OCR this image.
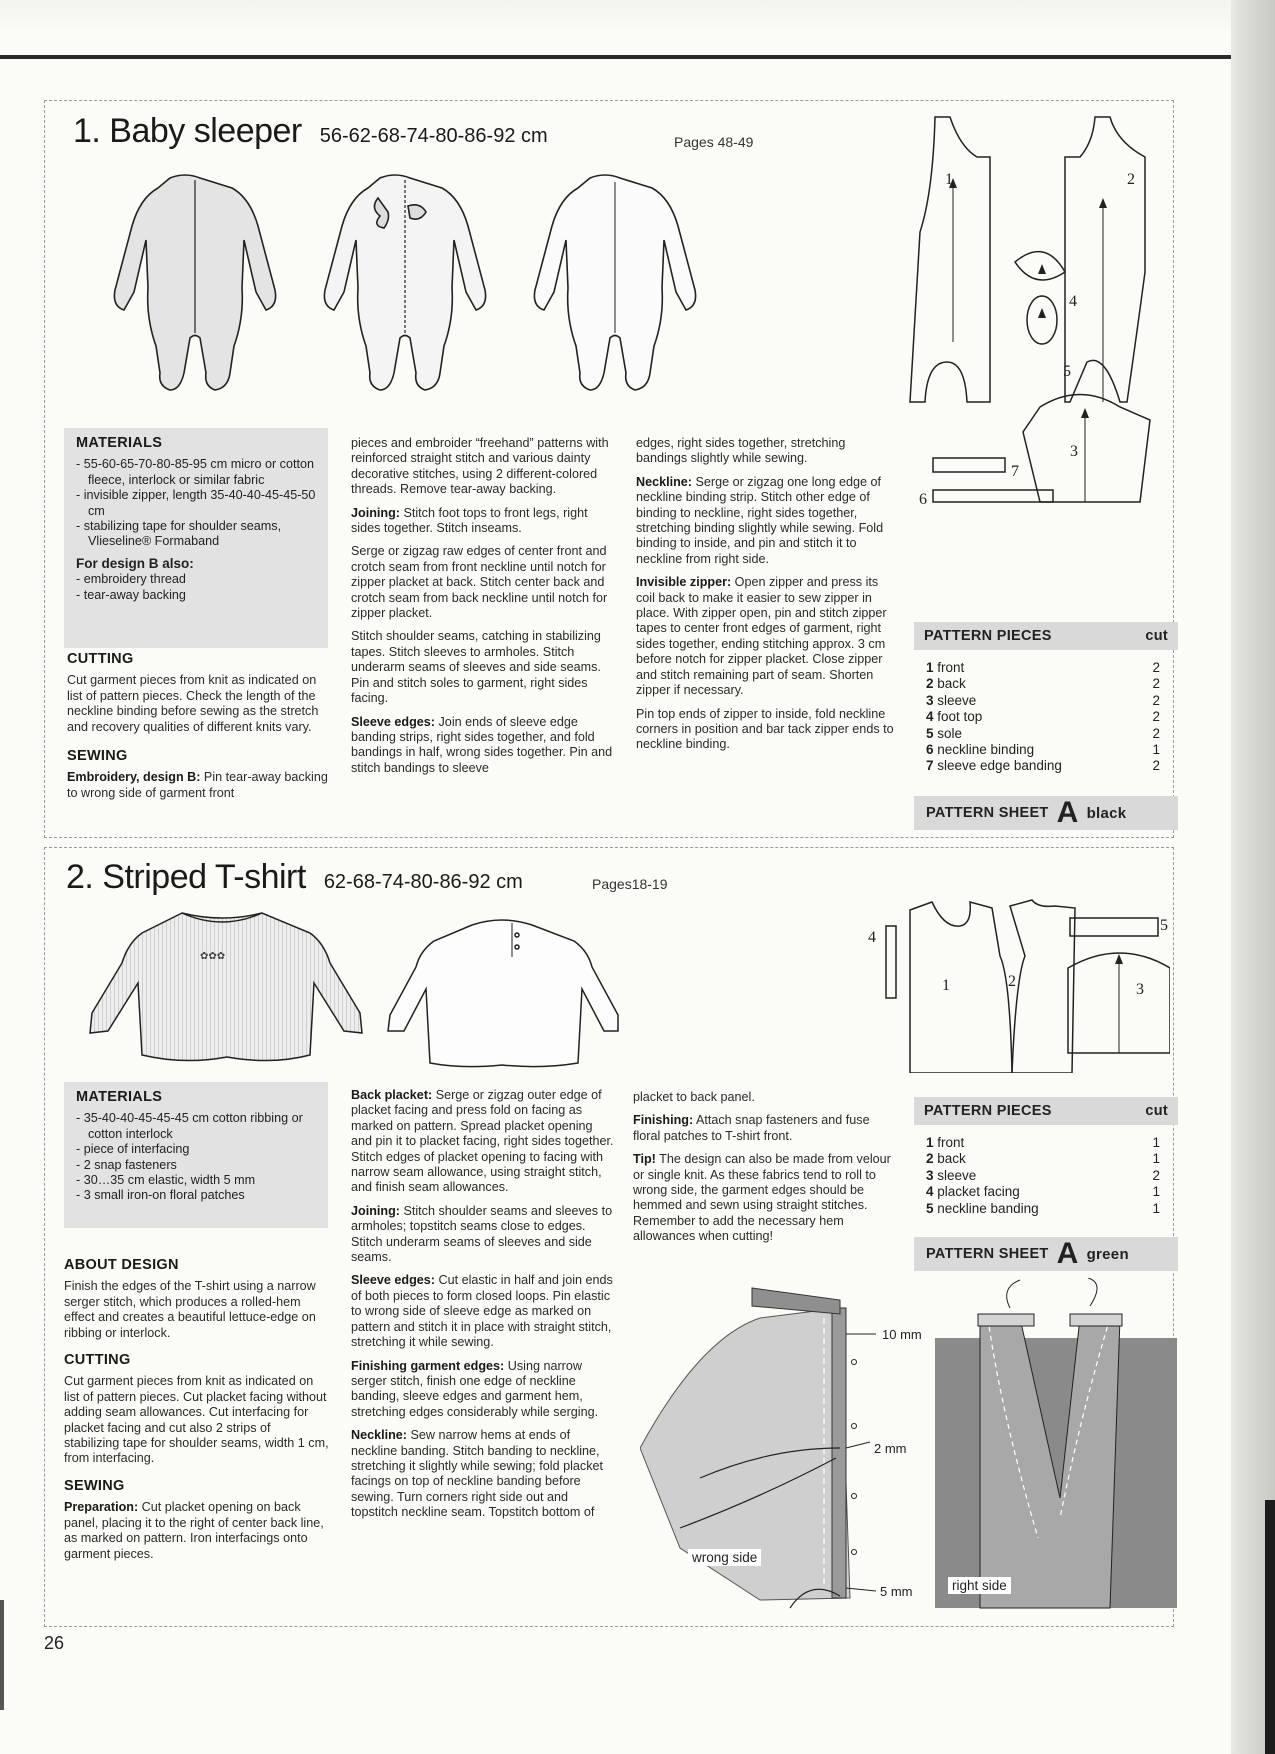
1. Baby sleeper 56-62-68-74-80-86-92 cm	Pages 48-49
1	2
3
4
5
6
7
MATERIALS

- 55-60-65-70-80-85-95 cm micro or cotton fleece, interlock or similar fabric

- invisible zipper, length 35-40-40-45-45-50 cm

- stabilizing tape for shoulder seams, Vlieseline® Formaband

For design B also:

- embroidery thread

- tear-away backing

CUTTING

Cut garment pieces from knit as indicated on list of pattern pieces. Check the length of the neckline binding before sewing as the stretch and recovery qualities of different knits vary.

SEWING

Embroidery, design B: Pin tear-away backing to wrong side of garment front

pieces and embroider “freehand” patterns with reinforced straight stitch and various dainty decorative stitches, using 2 different-colored threads. Remove tear-away backing.

Joining: Stitch foot tops to front legs, right sides together. Stitch inseams.

Serge or zigzag raw edges of center front and crotch seam from front neckline until notch for zipper placket at back. Stitch center back and crotch seam from back neckline until notch for zipper placket.

Stitch shoulder seams, catching in stabilizing tapes. Stitch sleeves to armholes. Stitch underarm seams of sleeves and side seams. Pin and stitch soles to garment, right sides facing.

Sleeve edges: Join ends of sleeve edge banding strips, right sides together, and fold bandings in half, wrong sides together. Pin and stitch bandings to sleeve

edges, right sides together, stretching bandings slightly while sewing.

Neckline: Serge or zigzag one long edge of neckline binding strip. Stitch other edge of binding to neckline, right sides together, stretching binding slightly while sewing. Fold binding to inside, and pin and stitch it to neckline from right side.

Invisible zipper: Open zipper and press its coil back to make it easier to sew zipper in place. With zipper open, pin and stitch zipper tapes to center front edges of garment, right sides together, ending stitching approx. 3 cm before notch for zipper placket. Close zipper and stitch remaining part of seam. Shorten zipper if necessary.

Pin top ends of zipper to inside, fold neckline corners in position and bar tack zipper ends to neckline binding.

PATTERN PIECES	cut
1 front	2
2 back	2
3 sleeve	2
4 foot top	2
5 sole	2
6 neckline binding	1
7 sleeve edge banding	2
PATTERN SHEET A black
2. Striped T-shirt 62-68-74-80-86-92 cm	Pages18-19
✿✿✿
1	2	3
4
5
MATERIALS

- 35-40-40-45-45-45 cm cotton ribbing or cotton interlock

- piece of interfacing

- 2 snap fasteners

- 30…35 cm elastic, width 5 mm

- 3 small iron-on floral patches

ABOUT DESIGN

Finish the edges of the T-shirt using a narrow serger stitch, which produces a rolled-hem effect and creates a beautiful lettuce-edge on ribbing or interlock.

CUTTING

Cut garment pieces from knit as indicated on list of pattern pieces. Cut placket facing without adding seam allowances. Cut interfacing for placket facing and cut also 2 strips of stabilizing tape for shoulder seams, width 1 cm, from interfacing.

SEWING

Preparation: Cut placket opening on back panel, placing it to the right of center back line, as marked on pattern. Iron interfacings onto garment pieces.

Back placket: Serge or zigzag outer edge of placket facing and press fold on facing as marked on pattern. Spread placket opening and pin it to placket facing, right sides together. Stitch edges of placket opening to facing with narrow seam allowance, using straight stitch, and finish seam allowances.

Joining: Stitch shoulder seams and sleeves to armholes; topstitch seams close to edges. Stitch underarm seams of sleeves and side seams.

Sleeve edges: Cut elastic in half and join ends of both pieces to form closed loops. Pin elastic to wrong side of sleeve edge as marked on pattern and stitch it in place with straight stitch, stretching it while sewing.

Finishing garment edges: Using narrow serger stitch, finish one edge of neckline banding, sleeve edges and garment hem, stretching edges considerably while serging.

Neckline: Sew narrow hems at ends of neckline banding. Stitch banding to neckline, stretching it slightly while sewing; fold placket facings on top of neckline banding before sewing. Turn corners right side out and topstitch neckline seam. Topstitch bottom of

placket to back panel.

Finishing: Attach snap fasteners and fuse floral patches to T-shirt front.

Tip! The design can also be made from velour or single knit. As these fabrics tend to roll to wrong side, the garment edges should be hemmed and sewn using straight stitches. Remember to add the necessary hem allowances when cutting!

PATTERN PIECES	cut
1 front	1
2 back	1
3 sleeve	2
4 placket facing	1
5 neckline banding	1
PATTERN SHEET A green
wrong side
right side
10 mm
2 mm
5 mm
26
